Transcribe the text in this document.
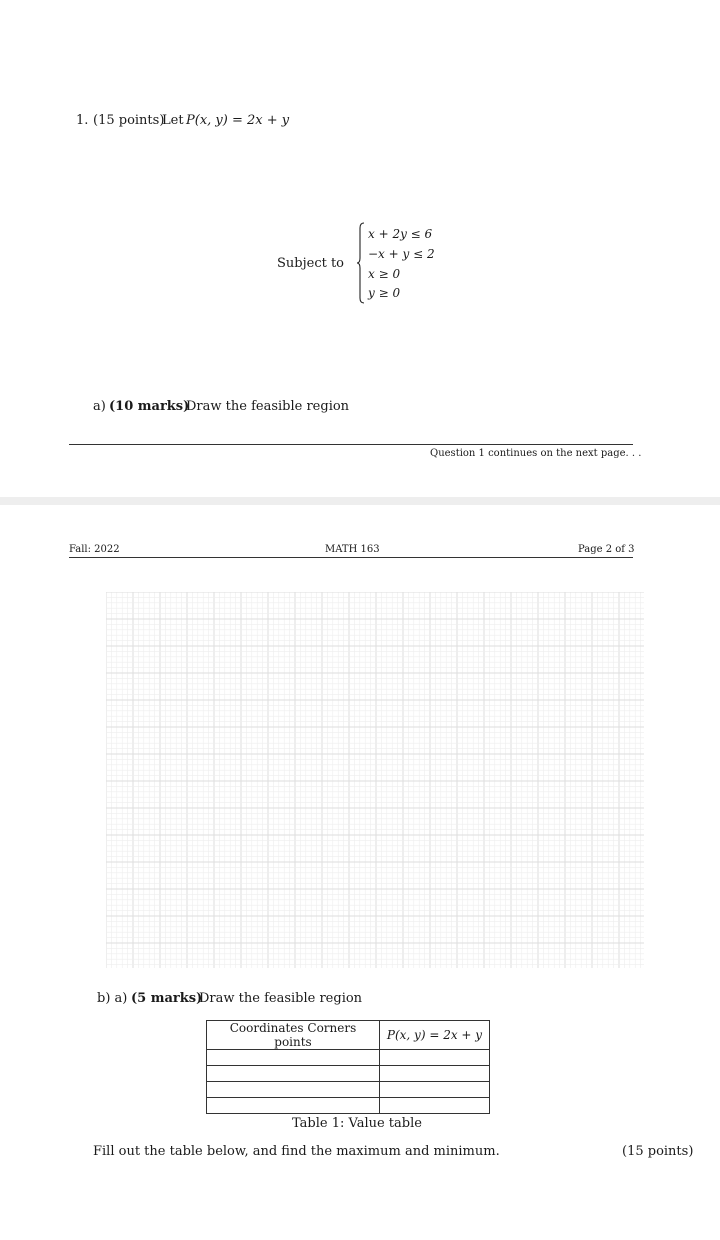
1. (15 points)
Let P(x, y) = 2x + y
Subject to
x + 2y ≤ 6
−x + y ≤ 2
x ≥ 0
y ≥ 0
a) (10 marks)
Draw the feasible region
Question 1 continues on the next page. . .
Fall: 2022	MATH 163	Page 2 of 3
b) a) (5 marks)
Draw the feasible region
Coordinates Corners points	P(x, y) = 2x + y

Table 1: Value table
Fill out the table below, and find the maximum and minimum.	(15 points)
